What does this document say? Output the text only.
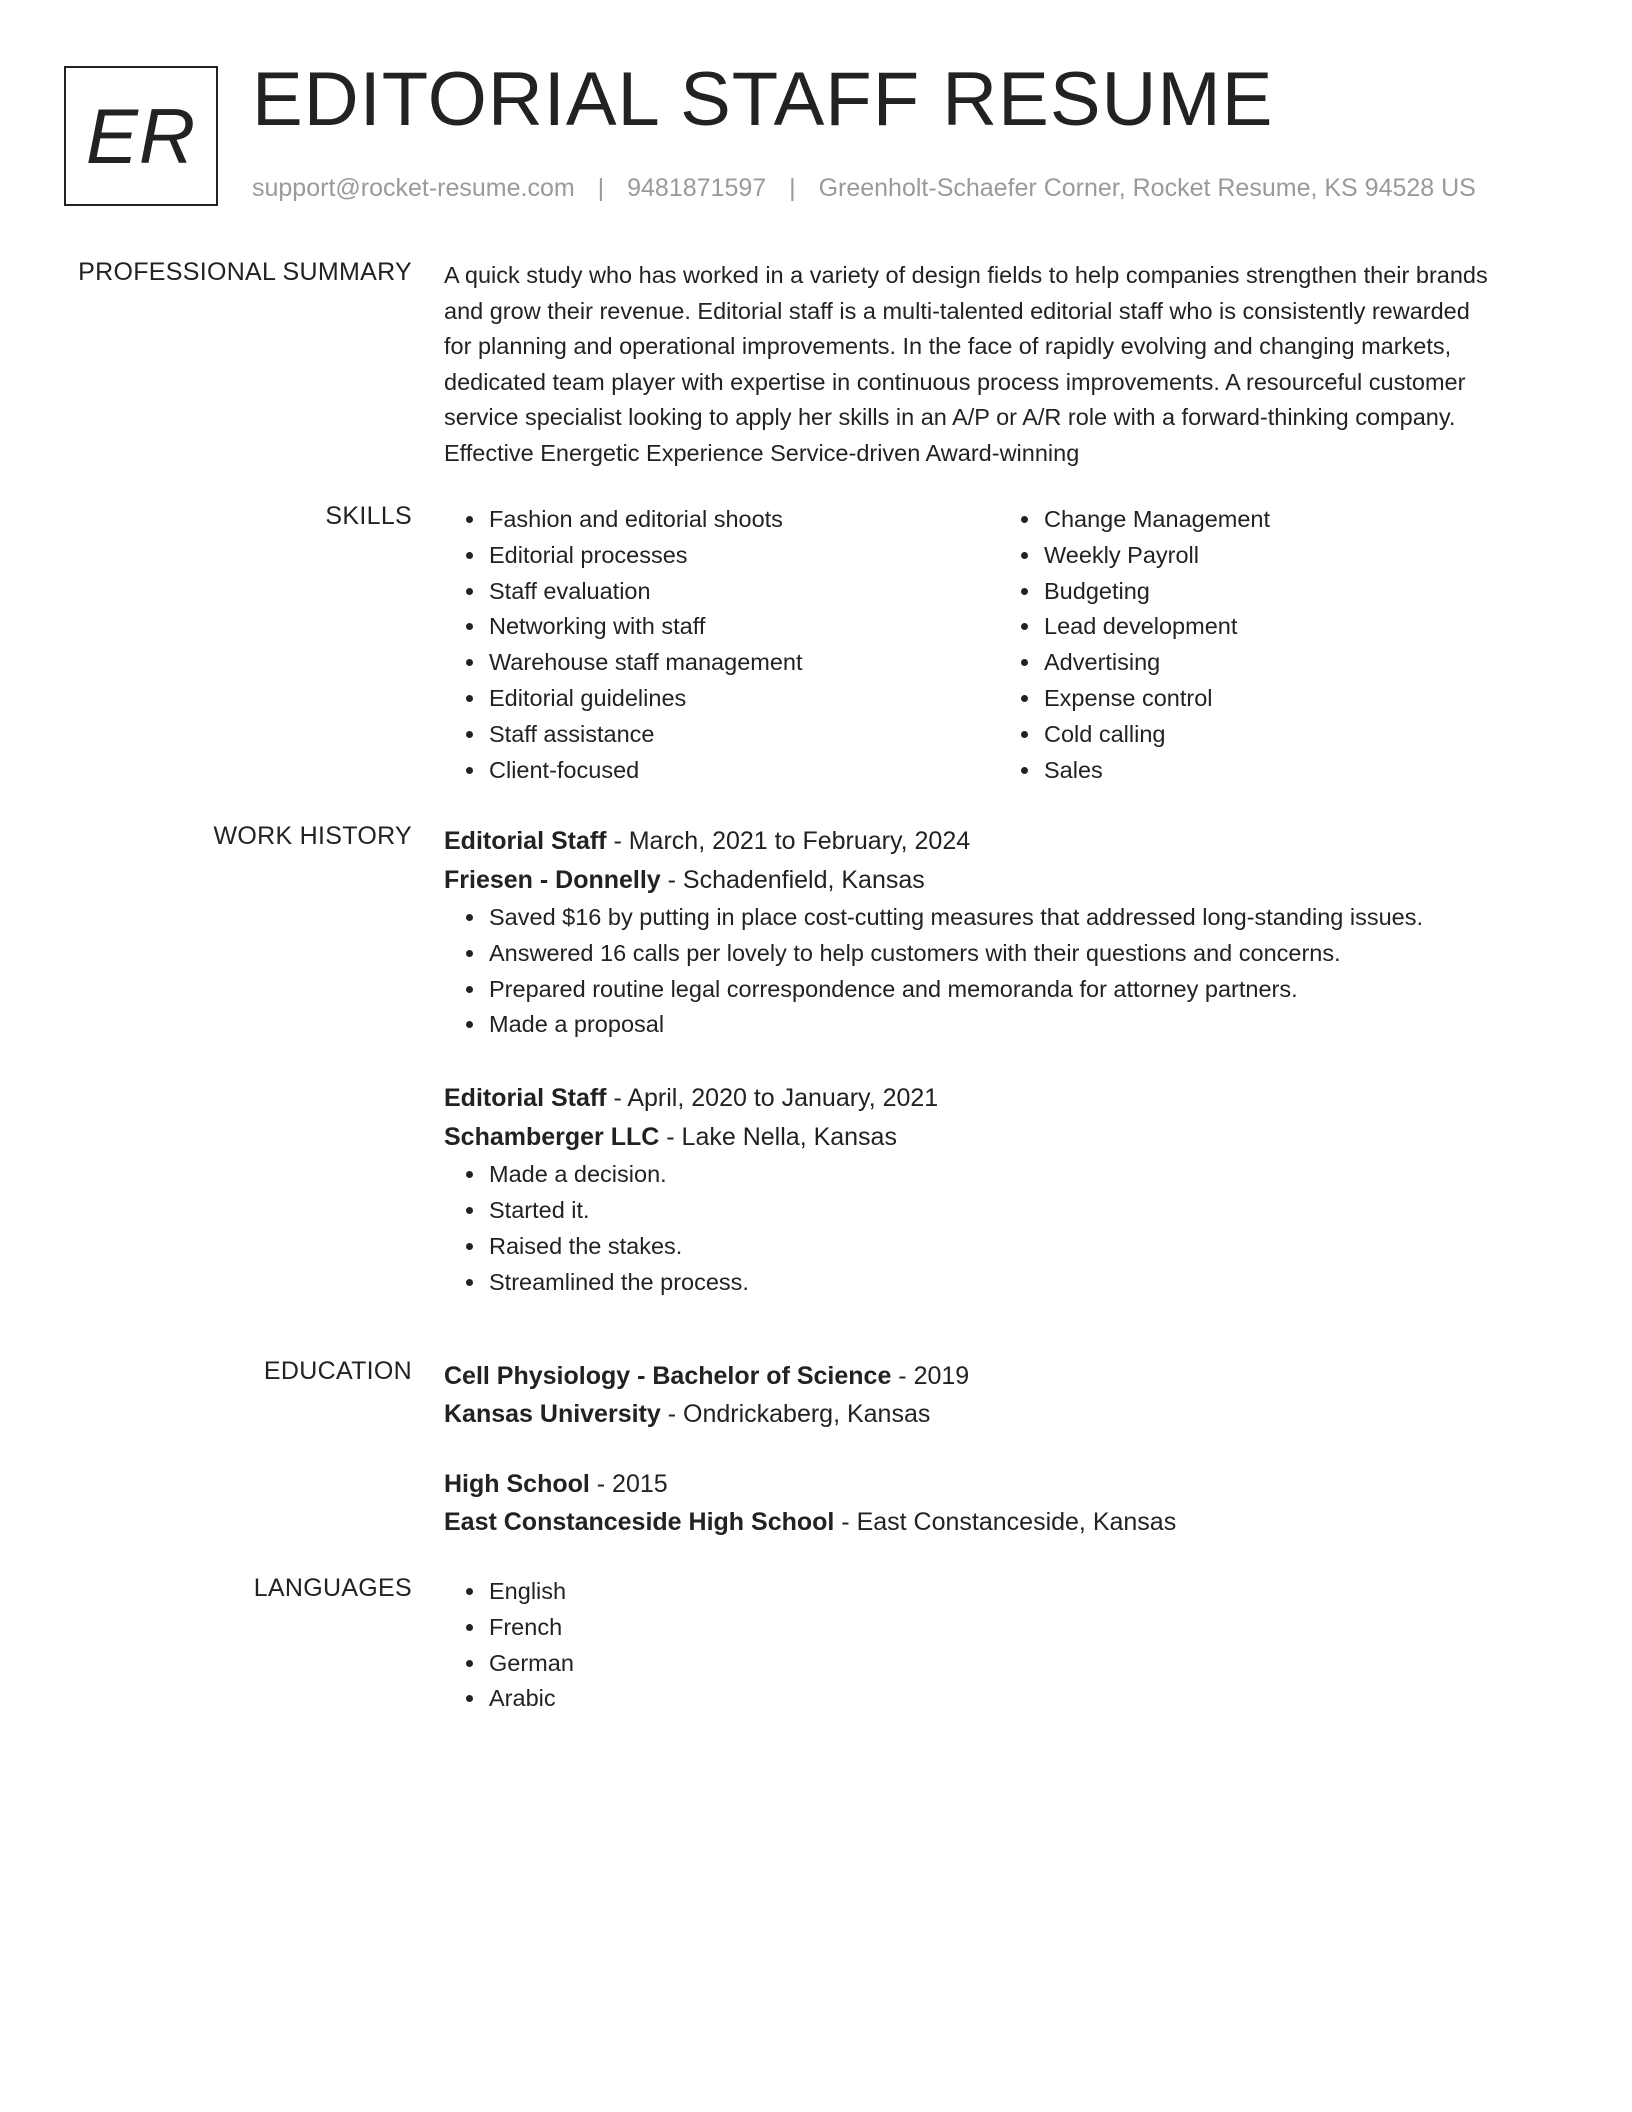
ER EDITORIAL STAFF RESUME
support@rocket-resume.com | 9481871597 | Greenholt-Schaefer Corner, Rocket Resume, KS 94528 US
PROFESSIONAL SUMMARY A quick study who has worked in a variety of design fields to help companies strengthen their brands
and grow their revenue. Editorial staff is a multi-talented editorial staff who is consistently rewarded
for planning and operational improvements. In the face of rapidly evolving and changing markets,
dedicated team player with expertise in continuous process improvements. A resourceful customer
service specialist looking to apply her skills in an A/P or A/R role with a forward-thinking company.
Effective Energetic Experience Service-driven Award-winning
SKILLS	• Fashion and editorial shoots
• Editorial processes
• Staff evaluation
• Networking with staff
• Warehouse staff management
• Editorial guidelines
• Staff assistance
• Client-focused
• Change Management
• Weekly Payroll
• Budgeting
• Lead development
• Advertising
• Expense control
• Cold calling
• Sales
WORK HISTORY Editorial Staff - March, 2021 to February, 2024
Friesen - Donnelly - Schadenfield, Kansas
• Saved $16 by putting in place cost-cutting measures that addressed long-standing issues.
• Answered 16 calls per lovely to help customers with their questions and concerns.
• Prepared routine legal correspondence and memoranda for attorney partners.
• Made a proposal
Editorial Staff - April, 2020 to January, 2021
Schamberger LLC - Lake Nella, Kansas
• Made a decision.
• Started it.
• Raised the stakes.
• Streamlined the process.
EDUCATION Cell Physiology - Bachelor of Science - 2019
Kansas University - Ondrickaberg, Kansas
High School - 2015
East Constanceside High School - East Constanceside, Kansas
LANGUAGES	• English
• French
• German
• Arabic
